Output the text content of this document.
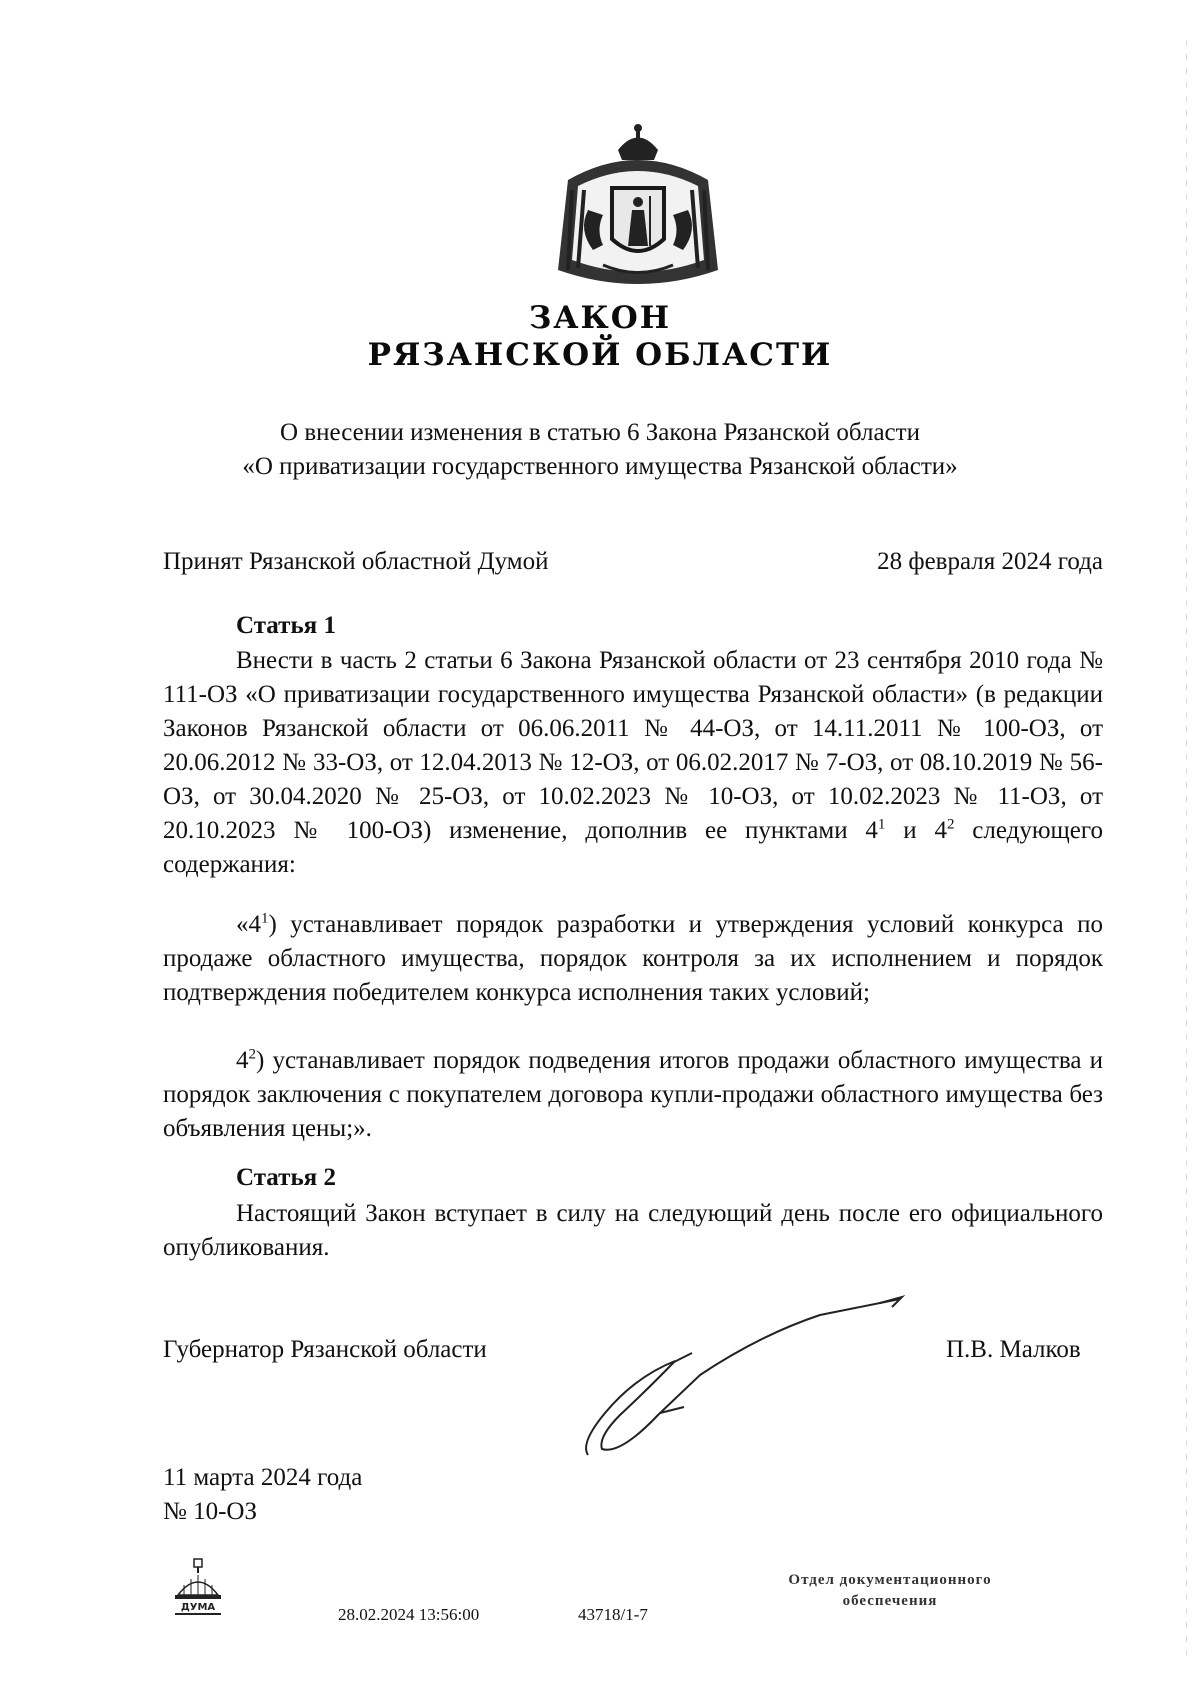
ЗАКОН
РЯЗАНСКОЙ ОБЛАСТИ
О внесении изменения в статью 6 Закона Рязанской области
«О приватизации государственного имущества Рязанской области»
Принят Рязанской областной Думой	28 февраля 2024 года
Статья 1

Внести в часть 2 статьи 6 Закона Рязанской области от 23 сентября 2010 года № 111-ОЗ «О приватизации государственного имущества Рязанской области» (в редакции Законов Рязанской области от 06.06.2011 № 44-ОЗ, от 14.11.2011 № 100-ОЗ, от 20.06.2012 № 33-ОЗ, от 12.04.2013 № 12-ОЗ, от 06.02.2017 № 7-ОЗ, от 08.10.2019 № 56-ОЗ, от 30.04.2020 № 25-ОЗ, от 10.02.2023 № 10-ОЗ, от 10.02.2023 № 11-ОЗ, от 20.10.2023 № 100-ОЗ) изменение, дополнив ее пунктами $4^1$ и $4^2$ следующего содержания:

«$4^1$) устанавливает порядок разработки и утверждения условий конкурса по продаже областного имущества, порядок контроля за их исполнением и порядок подтверждения победителем конкурса исполнения таких условий;

$4^2$) устанавливает порядок подведения итогов продажи областного имущества и порядок заключения с покупателем договора купли-продажи областного имущества без объявления цены;».

Статья 2

Настоящий Закон вступает в силу на следующий день после его официального опубликования.

Губернатор Рязанской области	П.В. Малков
11 марта 2024 года
№ 10-ОЗ
ДУМА	28.02.2024 13:56:00	43718/1-7
Отдел документационного
обеспечения
